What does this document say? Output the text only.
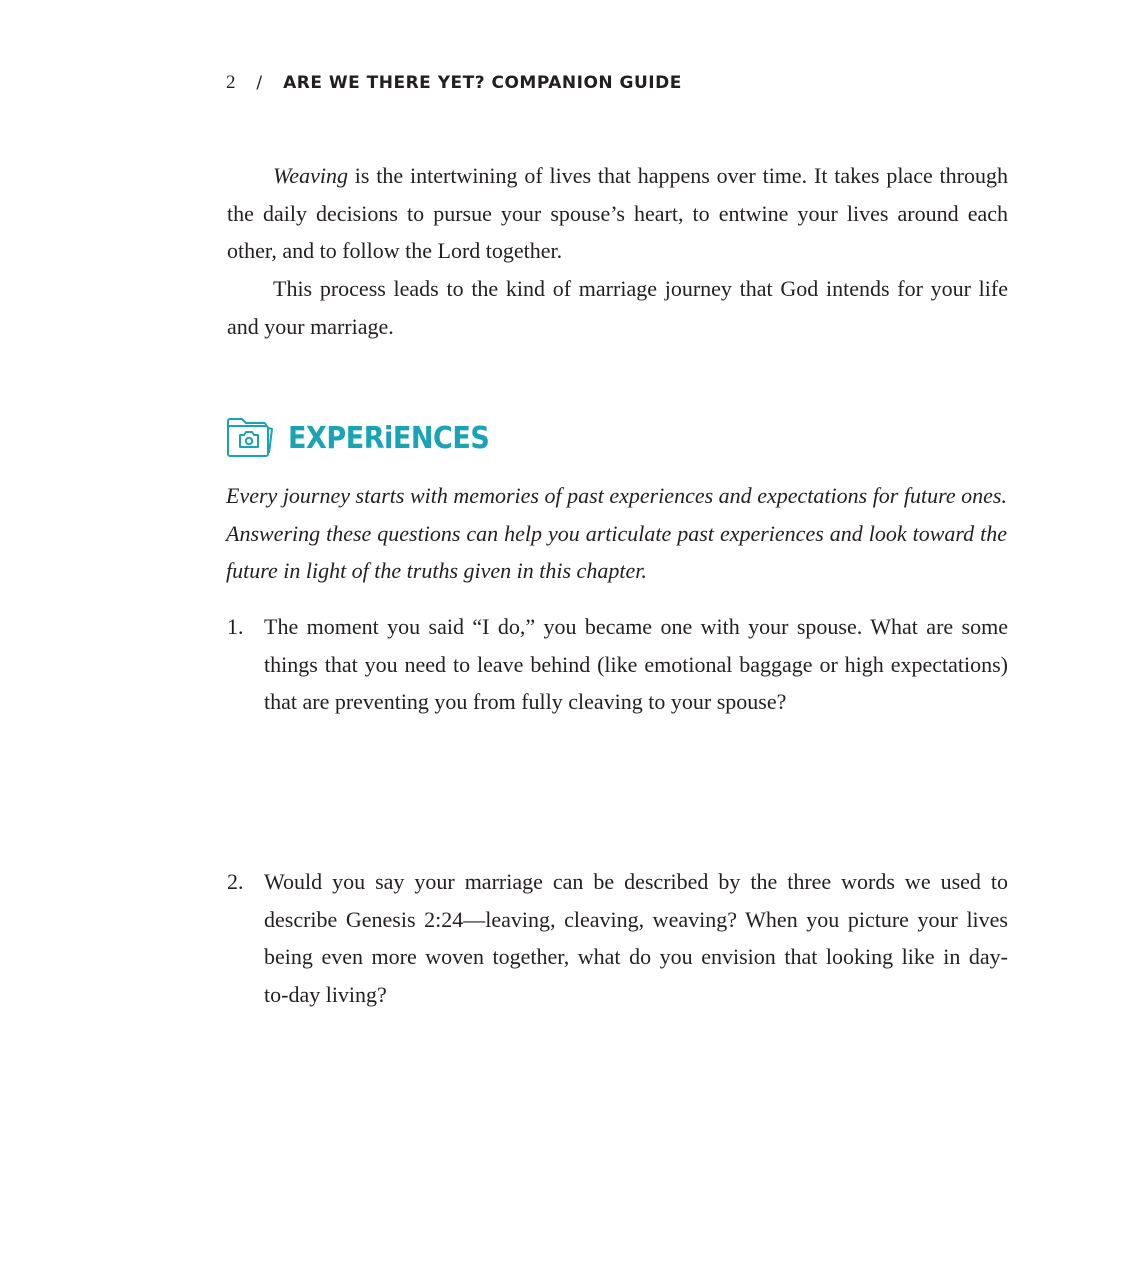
2 / ARE WE THERE YET? COMPANION GUIDE
Weaving is the intertwining of lives that happens over time. It takes place through
the daily decisions to pursue your spouse’s heart, to entwine your lives around each
other, and to follow the Lord together.
This process leads to the kind of marriage journey that God intends for your life
and your marriage.
EXPERiENCES
Every journey starts with memories of past experiences and expectations for future ones.
Answering these questions can help you articulate past experiences and look toward the
future in light of the truths given in this chapter.
1. The moment you said “I do,” you became one with your spouse. What are some
things that you need to leave behind (like emotional baggage or high expectations)
that are preventing you from fully cleaving to your spouse?
2. Would you say your marriage can be described by the three words we used to
describe Genesis 2:24—leaving, cleaving, weaving? When you picture your lives
being even more woven together, what do you envision that looking like in day-
to-day living?
